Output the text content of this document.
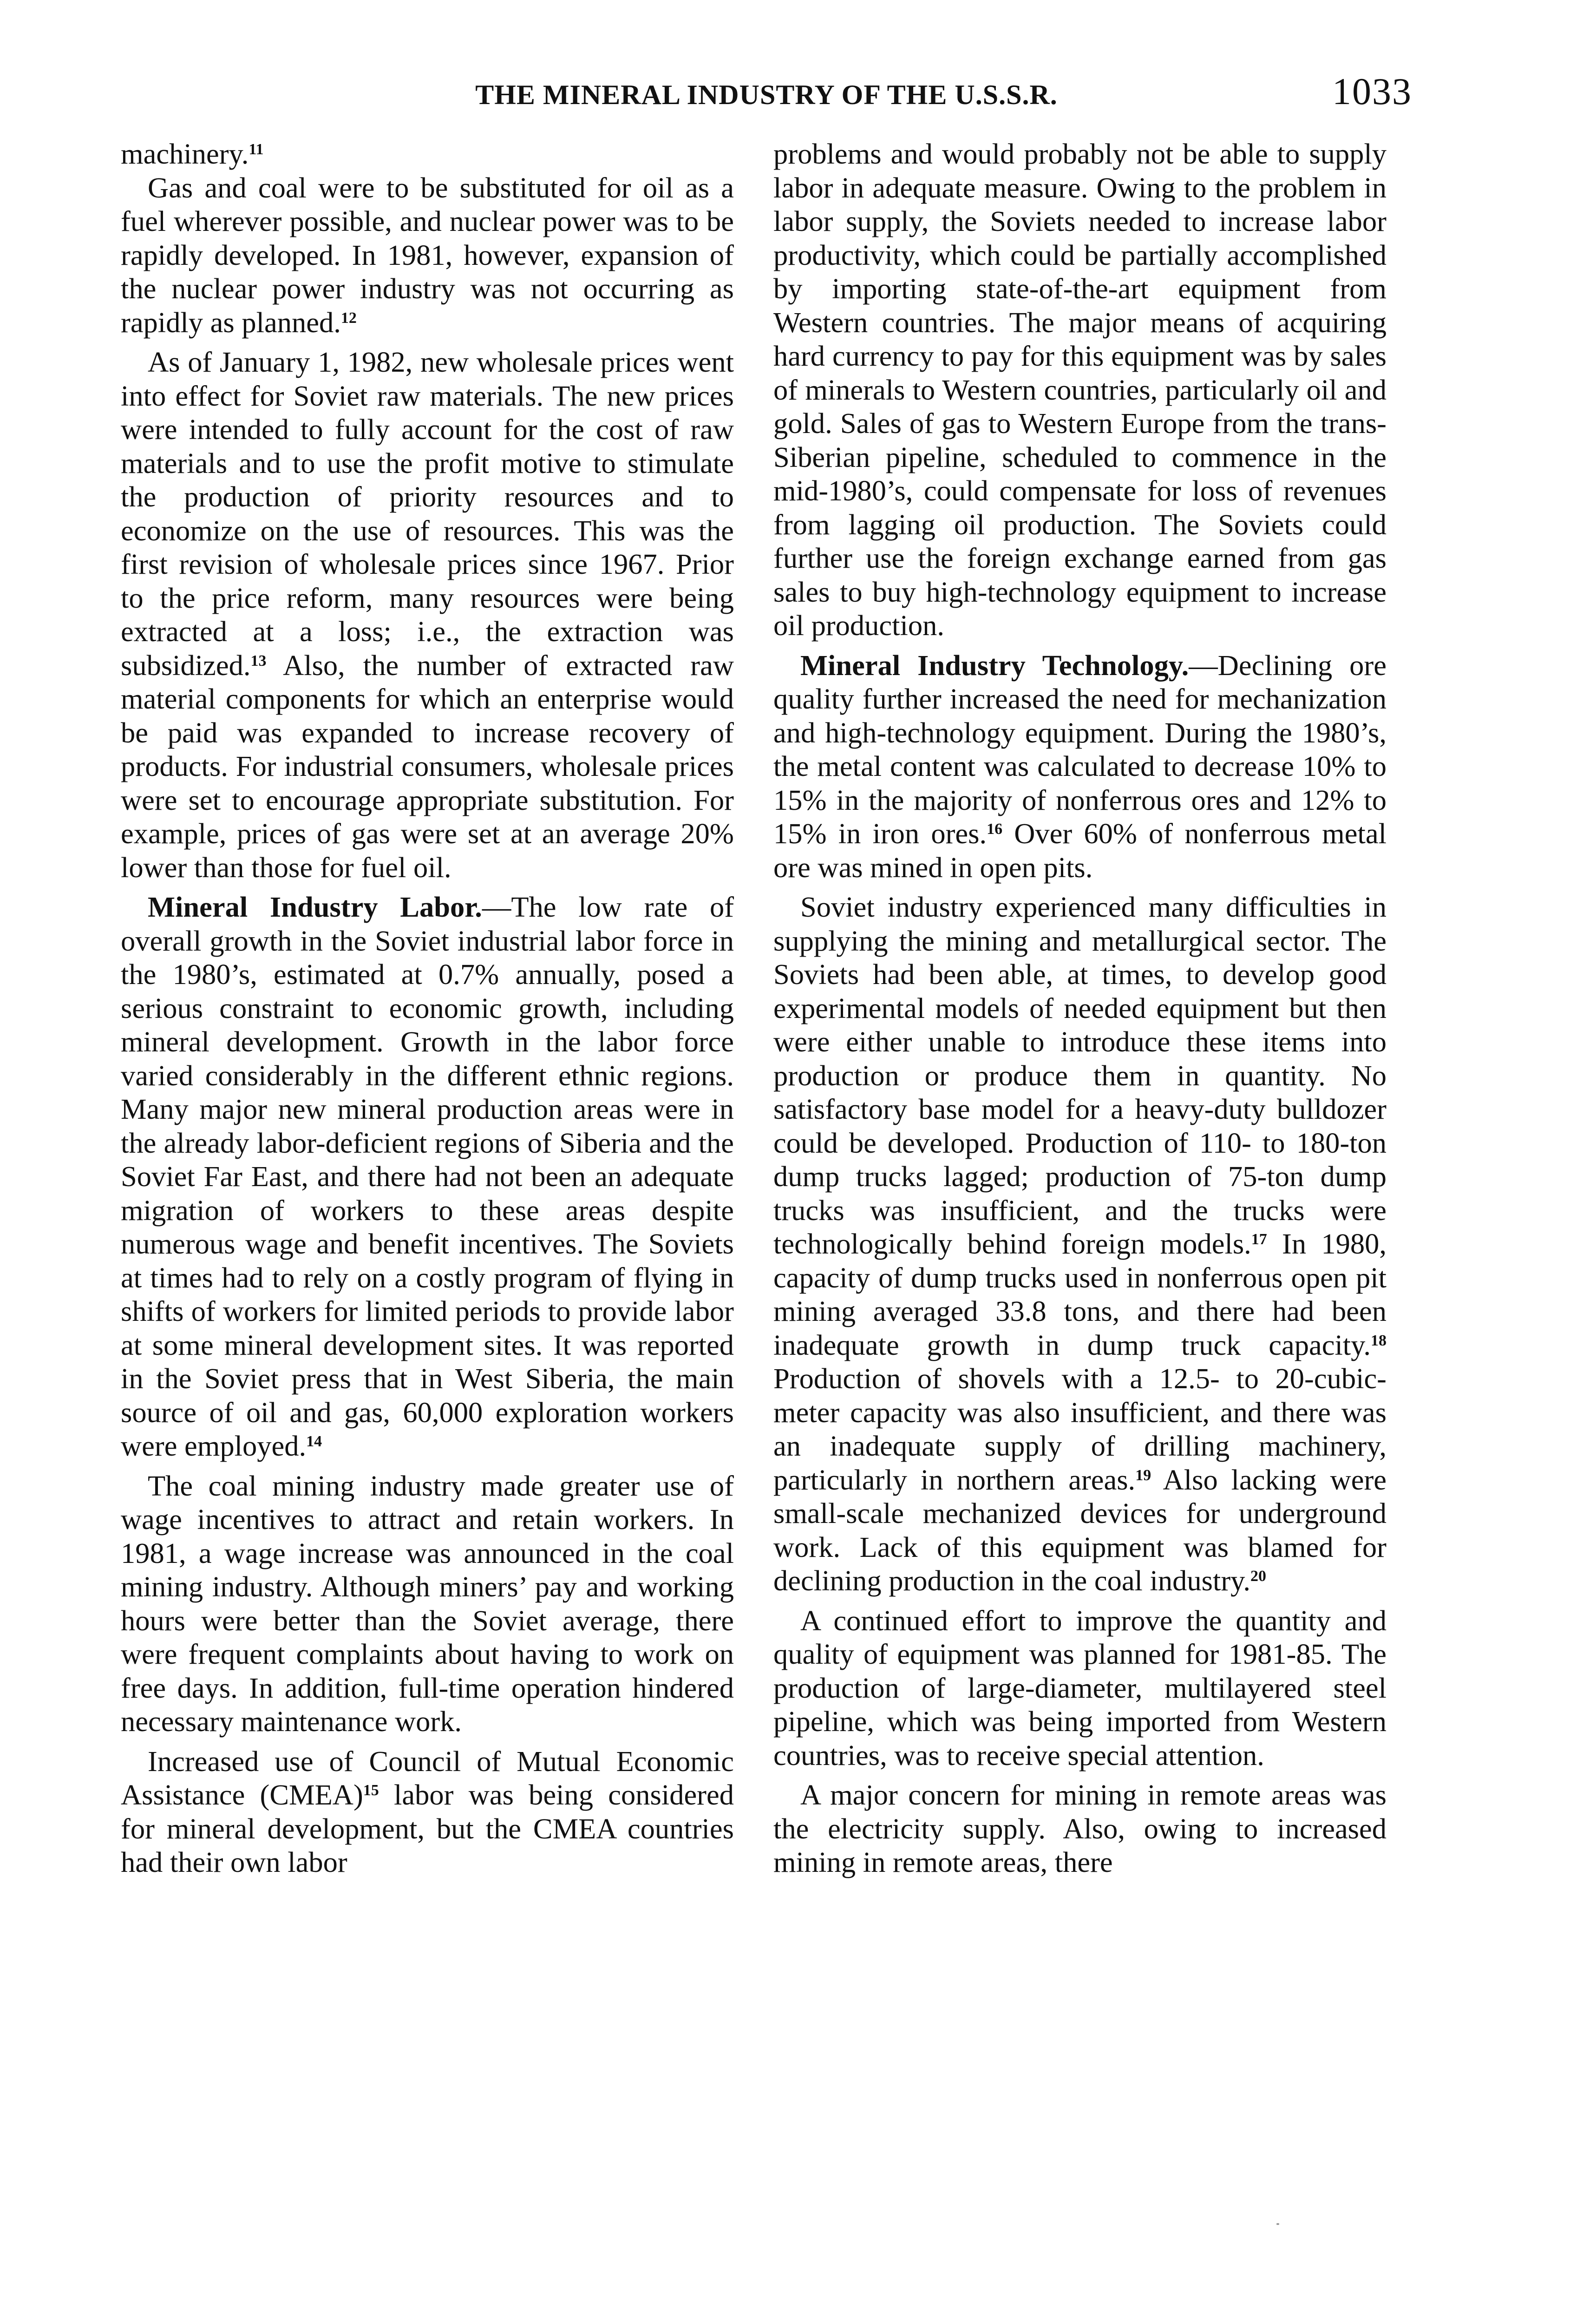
THE MINERAL INDUSTRY OF THE U.S.S.R.	1033

machinery.$^{11}$

Gas and coal were to be substituted for oil as a fuel wherever possible, and nuclear power was to be rapidly developed. In 1981, however, expansion of the nuclear power industry was not occurring as rapidly as planned.$^{12}$

As of January 1, 1982, new wholesale prices went into effect for Soviet raw materials. The new prices were intended to fully account for the cost of raw materials and to use the profit motive to stimulate the production of priority resources and to economize on the use of resources. This was the first revision of wholesale prices since 1967. Prior to the price reform, many resources were being extracted at a loss; i.e., the extraction was subsidized.$^{13}$ Also, the number of extracted raw material components for which an enterprise would be paid was expanded to increase recovery of products. For industrial consumers, wholesale prices were set to encourage appropriate substitution. For example, prices of gas were set at an average 20% lower than those for fuel oil.

Mineral Industry Labor.—The low rate of overall growth in the Soviet industrial labor force in the 1980’s, estimated at 0.7% annually, posed a serious constraint to economic growth, including mineral development. Growth in the labor force varied considerably in the different ethnic regions. Many major new mineral production areas were in the already labor-deficient regions of Siberia and the Soviet Far East, and there had not been an adequate migration of workers to these areas despite numerous wage and benefit incentives. The Soviets at times had to rely on a costly program of flying in shifts of workers for limited periods to provide labor at some mineral development sites. It was reported in the Soviet press that in West Siberia, the main source of oil and gas, 60,000 exploration workers were employed.$^{14}$

The coal mining industry made greater use of wage incentives to attract and retain workers. In 1981, a wage increase was announced in the coal mining industry. Although miners’ pay and working hours were better than the Soviet average, there were frequent complaints about having to work on free days. In addition, full-time operation hindered necessary maintenance work.

Increased use of Council of Mutual Economic Assistance (CMEA)$^{15}$ labor was being considered for mineral development, but the CMEA countries had their own labor

problems and would probably not be able to supply labor in adequate measure. Owing to the problem in labor supply, the Soviets needed to increase labor productivity, which could be partially accomplished by importing state-of-the-art equipment from Western countries. The major means of acquiring hard currency to pay for this equipment was by sales of minerals to Western countries, particularly oil and gold. Sales of gas to Western Europe from the trans-Siberian pipeline, scheduled to commence in the mid-1980’s, could compensate for loss of revenues from lagging oil production. The Soviets could further use the foreign exchange earned from gas sales to buy high-technology equipment to increase oil production.

Mineral Industry Technology.—Declining ore quality further increased the need for mechanization and high-technology equipment. During the 1980’s, the metal content was calculated to decrease 10% to 15% in the majority of nonferrous ores and 12% to 15% in iron ores.$^{16}$ Over 60% of nonferrous metal ore was mined in open pits.

Soviet industry experienced many difficulties in supplying the mining and metallurgical sector. The Soviets had been able, at times, to develop good experimental models of needed equipment but then were either unable to introduce these items into production or produce them in quantity. No satisfactory base model for a heavy-duty bulldozer could be developed. Production of 110- to 180-ton dump trucks lagged; production of 75-ton dump trucks was insufficient, and the trucks were technologically behind foreign models.$^{17}$ In 1980, capacity of dump trucks used in nonferrous open pit mining averaged 33.8 tons, and there had been inadequate growth in dump truck capacity.$^{18}$ Production of shovels with a 12.5- to 20-cubic-meter capacity was also insufficient, and there was an inadequate supply of drilling machinery, particularly in northern areas.$^{19}$ Also lacking were small-scale mechanized devices for underground work. Lack of this equipment was blamed for declining production in the coal industry.$^{20}$

A continued effort to improve the quantity and quality of equipment was planned for 1981-85. The production of large-diameter, multilayered steel pipeline, which was being imported from Western countries, was to receive special attention.

A major concern for mining in remote areas was the electricity supply. Also, owing to increased mining in remote areas, there
